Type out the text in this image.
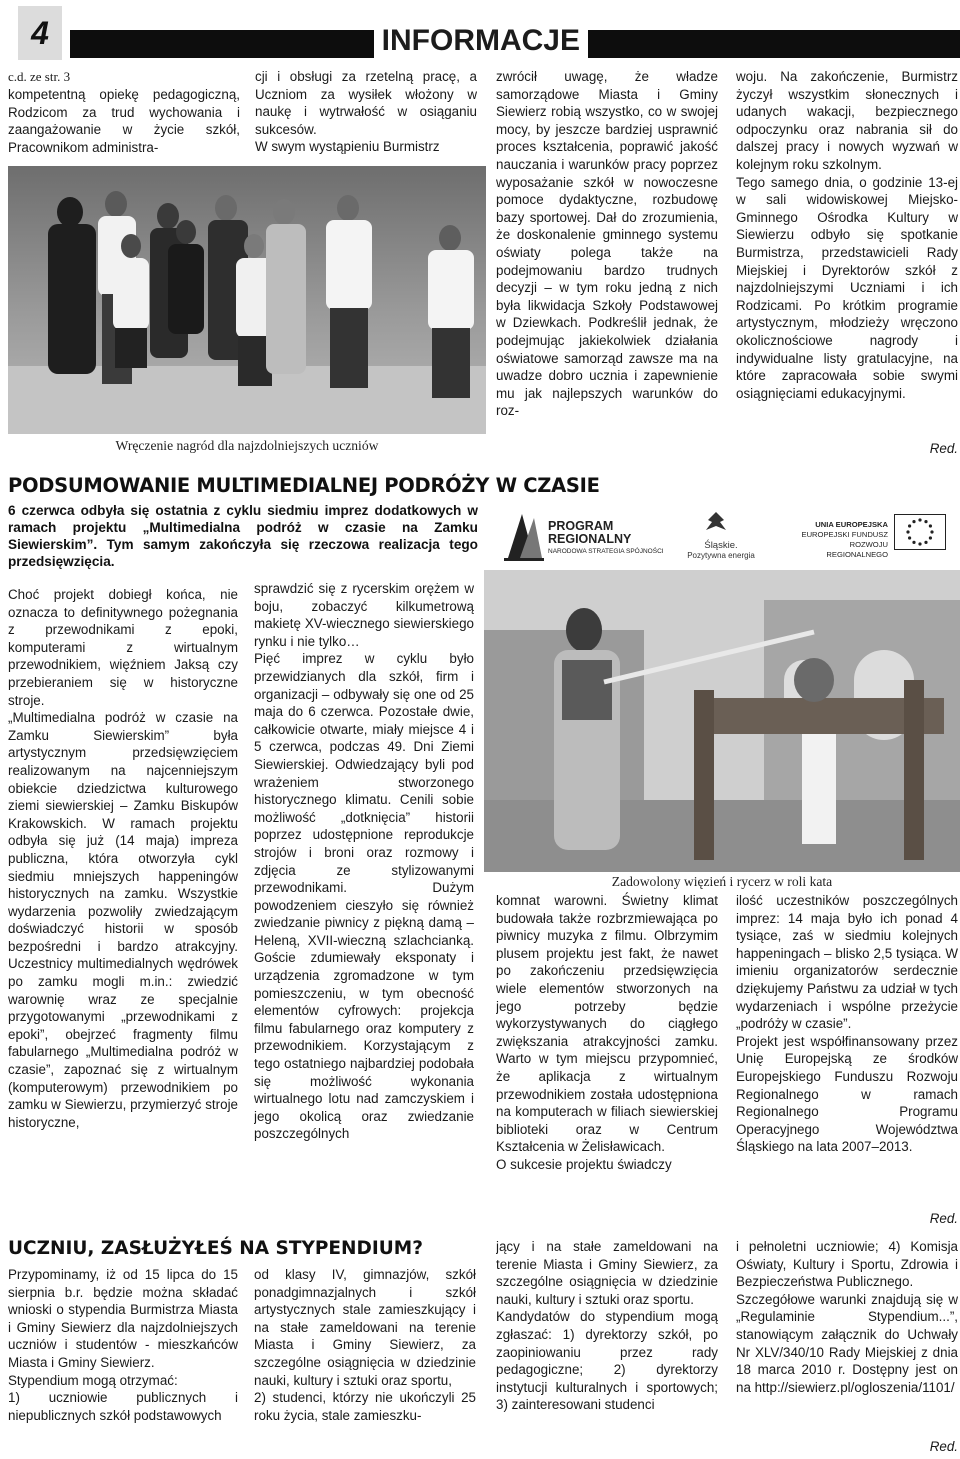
4	INFORMACJE
c.d. ze str. 3
kompetentną opiekę pedagogiczną, Rodzicom za trud wychowania i zaangażowanie w życie szkół, Pracownikom administra-
cji i obsługi za rzetelną pracę, a Uczniom za wysiłek włożony w naukę i wytrwałość w osiąganiu sukcesów.
W swym wystąpieniu Burmistrz
Wręczenie nagród dla najzdolniejszych uczniów
zwrócił uwagę, że władze samorządowe Miasta i Gminy Siewierz robią wszystko, co w swojej mocy, by jeszcze bardziej usprawnić proces kształcenia, poprawić jakość nauczania i warunków pracy poprzez wyposażanie szkół w nowoczesne pomoce dydaktyczne, rozbudowę bazy sportowej. Dał do zrozumienia, że doskonalenie gminnego systemu oświaty polega także na podejmowaniu bardzo trudnych decyzji – w tym roku jedną z nich była likwidacja Szkoły Podstawowej w Dziewkach. Podkreślił jednak, że podejmując jakiekolwiek działania oświatowe samorząd zawsze ma na uwadze dobro ucznia i zapewnienie mu jak najlepszych warunków do roz-
woju. Na zakończenie, Burmistrz życzył wszystkim słonecznych i udanych wakacji, bezpiecznego odpoczynku oraz nabrania sił do dalszej pracy i nowych wyzwań w kolejnym roku szkolnym.
Tego samego dnia, o godzinie 13-ej w sali widowiskowej Miejsko-Gminnego Ośrodka Kultury w Siewierzu odbyło się spotkanie Burmistrza, przedstawicieli Rady Miejskiej i Dyrektorów szkół z najzdolniejszymi Uczniami i ich Rodzicami. Po krótkim programie artystycznym, młodzieży wręczono okolicznościowe nagrody i indywidualne listy gratulacyjne, na które zapracowała sobie swymi osiągnięciami edukacyjnymi.
Red.
PODSUMOWANIE MULTIMEDIALNEJ PODRÓŻY W CZASIE
6 czerwca odbyła się ostatnia z cyklu siedmiu imprez dodatkowych w ramach projektu „Multimedialna podróż w czasie na Zamku Siewierskim”. Tym samym zakończyła się rzeczowa realizacja tego przedsięwzięcia.
PROGRAM
REGIONALNY
NARODOWA STRATEGIA SPÓJNOŚCI
Śląskie.
Pozytywna energia
UNIA EUROPEJSKA
EUROPEJSKI FUNDUSZ
ROZWOJU REGIONALNEGO
Choć projekt dobiegł końca, nie oznacza to definitywnego pożegnania z przewodnikami z epoki, komputerami z wirtualnym przewodnikiem, więźniem Jaksą czy przebieraniem się w historyczne stroje.
„Multimedialna podróż w czasie na Zamku Siewierskim” była artystycznym przedsięwzięciem realizowanym na najcenniejszym obiekcie dziedzictwa kulturowego ziemi siewierskiej – Zamku Biskupów Krakowskich. W ramach projektu odbyła się już (14 maja) impreza publiczna, która otworzyła cykl siedmiu mniejszych happeningów historycznych na zamku. Wszystkie wydarzenia pozwoliły zwiedzającym doświadczyć historii w sposób bezpośredni i bardzo atrakcyjny. Uczestnicy multimedialnych wędrówek po zamku mogli m.in.: zwiedzić warownię wraz ze specjalnie przygotowanymi „przewodnikami z epoki”, obejrzeć fragmenty filmu fabularnego „Multimedialna podróż w czasie”, zapoznać się z wirtualnym (komputerowym) przewodnikiem po zamku w Siewierzu, przymierzyć stroje historyczne,
sprawdzić się z rycerskim orężem w boju, zobaczyć kilkumetrową makietę XV-wiecznego siewierskiego rynku i nie tylko…
Pięć imprez w cyklu było przewidzianych dla szkół, firm i organizacji – odbywały się one od 25 maja do 6 czerwca. Pozostałe dwie, całkowicie otwarte, miały miejsce 4 i 5 czerwca, podczas 49. Dni Ziemi Siewierskiej. Odwiedzający byli pod wrażeniem stworzonego historycznego klimatu. Cenili sobie możliwość „dotknięcia” historii poprzez udostępnione reprodukcje strojów i broni oraz rozmowy i zdjęcia ze stylizowanymi przewodnikami. Dużym powodzeniem cieszyło się również zwiedzanie piwnicy z piękną damą – Heleną, XVII-wieczną szlachcianką. Goście zdumiewały eksponaty i urządzenia zgromadzone w tym pomieszczeniu, w tym obecność elementów cyfrowych: projekcja filmu fabularnego oraz komputery z przewodnikiem. Korzystającym z tego ostatniego najbardziej podobała się możliwość wykonania wirtualnego lotu nad zamczyskiem i jego okolicą oraz zwiedzanie poszczególnych
Zadowolony więzień i rycerz w roli kata
komnat warowni. Świetny klimat budowała także rozbrzmiewająca po piwnicy muzyka z filmu. Olbrzymim plusem projektu jest fakt, że nawet po zakończeniu przedsięwzięcia wiele elementów stworzonych na jego potrzeby będzie wykorzystywanych do ciągłego zwiększania atrakcyjności zamku. Warto w tym miejscu przypomnieć, że aplikacja z wirtualnym przewodnikiem została udostępniona na komputerach w filiach siewierskiej biblioteki oraz w Centrum Kształcenia w Żelisławicach.
O sukcesie projektu świadczy
ilość uczestników poszczególnych imprez: 14 maja było ich ponad 4 tysiące, zaś w siedmiu kolejnych happeningach – blisko 2,5 tysiąca. W imieniu organizatorów serdecznie dziękujemy Państwu za udział w tych wydarzeniach i wspólne przeżycie „podróży w czasie”.
Projekt jest współfinansowany przez Unię Europejską ze środków Europejskiego Funduszu Rozwoju Regionalnego w ramach Regionalnego Programu Operacyjnego Województwa Śląskiego na lata 2007–2013.
Red.
UCZNIU, ZASŁUŻYŁEŚ NA STYPENDIUM?
Przypominamy, iż od 15 lipca do 15 sierpnia b.r. będzie można składać wnioski o stypendia Burmistrza Miasta i Gminy Siewierz dla najzdolniejszych uczniów i studentów - mieszkańców Miasta i Gminy Siewierz.
Stypendium mogą otrzymać:
1) uczniowie publicznych i niepublicznych szkół podstawowych
od klasy IV, gimnazjów, szkół ponadgimnazjalnych i szkół artystycznych stale zamieszkujący i na stałe zameldowani na terenie Miasta i Gminy Siewierz, za szczególne osiągnięcia w dziedzinie nauki, kultury i sztuki oraz sportu,
2) studenci, którzy nie ukończyli 25 roku życia, stale zamieszku-
jący i na stałe zameldowani na terenie Miasta i Gminy Siewierz, za szczególne osiągnięcia w dziedzinie nauki, kultury i sztuki oraz sportu.
Kandydatów do stypendium mogą zgłaszać: 1) dyrektorzy szkół, po zaopiniowaniu przez rady pedagogiczne; 2) dyrektorzy instytucji kulturalnych i sportowych; 3) zainteresowani studenci
i pełnoletni uczniowie; 4) Komisja Oświaty, Kultury i Sportu, Zdrowia i Bezpieczeństwa Publicznego.
Szczegółowe warunki znajdują się w „Regulaminie Stypendium...”, stanowiącym załącznik do Uchwały Nr XLV/340/10 Rady Miejskiej z dnia 18 marca 2010 r. Dostępny jest on na http://siewierz.pl/ogloszenia/1101/
Red.
